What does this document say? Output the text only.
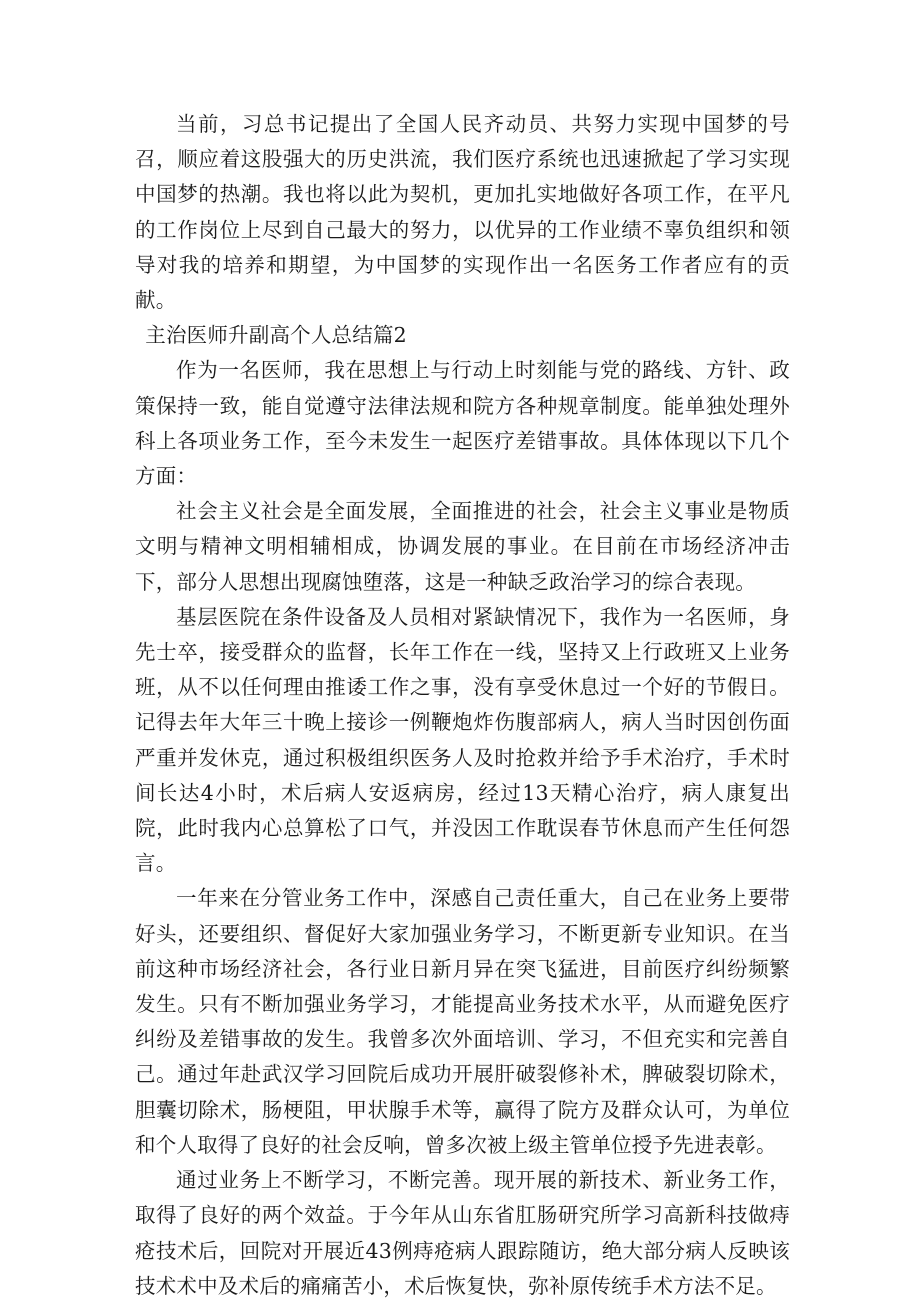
当前，习总书记提出了全国人民齐动员、共努力实现中国梦的号召，顺应着这股强大的历史洪流，我们医疗系统也迅速掀起了学习实现中国梦的热潮。我也将以此为契机，更加扎实地做好各项工作，在平凡的工作岗位上尽到自己最大的努力，以优异的工作业绩不辜负组织和领导对我的培养和期望，为中国梦的实现作出一名医务工作者应有的贡献。

主治医师升副高个人总结篇2

作为一名医师，我在思想上与行动上时刻能与党的路线、方针、政策保持一致，能自觉遵守法律法规和院方各种规章制度。能单独处理外科上各项业务工作，至今未发生一起医疗差错事故。具体体现以下几个方面：

社会主义社会是全面发展，全面推进的社会，社会主义事业是物质文明与精神文明相辅相成，协调发展的事业。在目前在市场经济冲击下，部分人思想出现腐蚀堕落，这是一种缺乏政治学习的综合表现。

基层医院在条件设备及人员相对紧缺情况下，我作为一名医师，身先士卒，接受群众的监督，长年工作在一线，坚持又上行政班又上业务班，从不以任何理由推诿工作之事，没有享受休息过一个好的节假日。记得去年大年三十晚上接诊一例鞭炮炸伤腹部病人，病人当时因创伤面严重并发休克，通过积极组织医务人及时抢救并给予手术治疗，手术时间长达4小时，术后病人安返病房，经过13天精心治疗，病人康复出院，此时我内心总算松了口气，并没因工作耽误春节休息而产生任何怨言。

一年来在分管业务工作中，深感自己责任重大，自己在业务上要带好头，还要组织、督促好大家加强业务学习，不断更新专业知识。在当前这种市场经济社会，各行业日新月异在突飞猛进，目前医疗纠纷频繁发生。只有不断加强业务学习，才能提高业务技术水平，从而避免医疗纠纷及差错事故的发生。我曾多次外面培训、学习，不但充实和完善自己。通过年赴武汉学习回院后成功开展肝破裂修补术，脾破裂切除术，胆囊切除术，肠梗阻，甲状腺手术等，赢得了院方及群众认可，为单位和个人取得了良好的社会反响，曾多次被上级主管单位授予先进表彰。

通过业务上不断学习，不断完善。现开展的新技术、新业务工作，取得了良好的两个效益。于今年从山东省肛肠研究所学习高新科技做痔疮技术后，回院对开展近43例痔疮病人跟踪随访，绝大部分病人反映该技术术中及术后的痛痛苦小，术后恢复快，弥补原传统手术方法不足。
